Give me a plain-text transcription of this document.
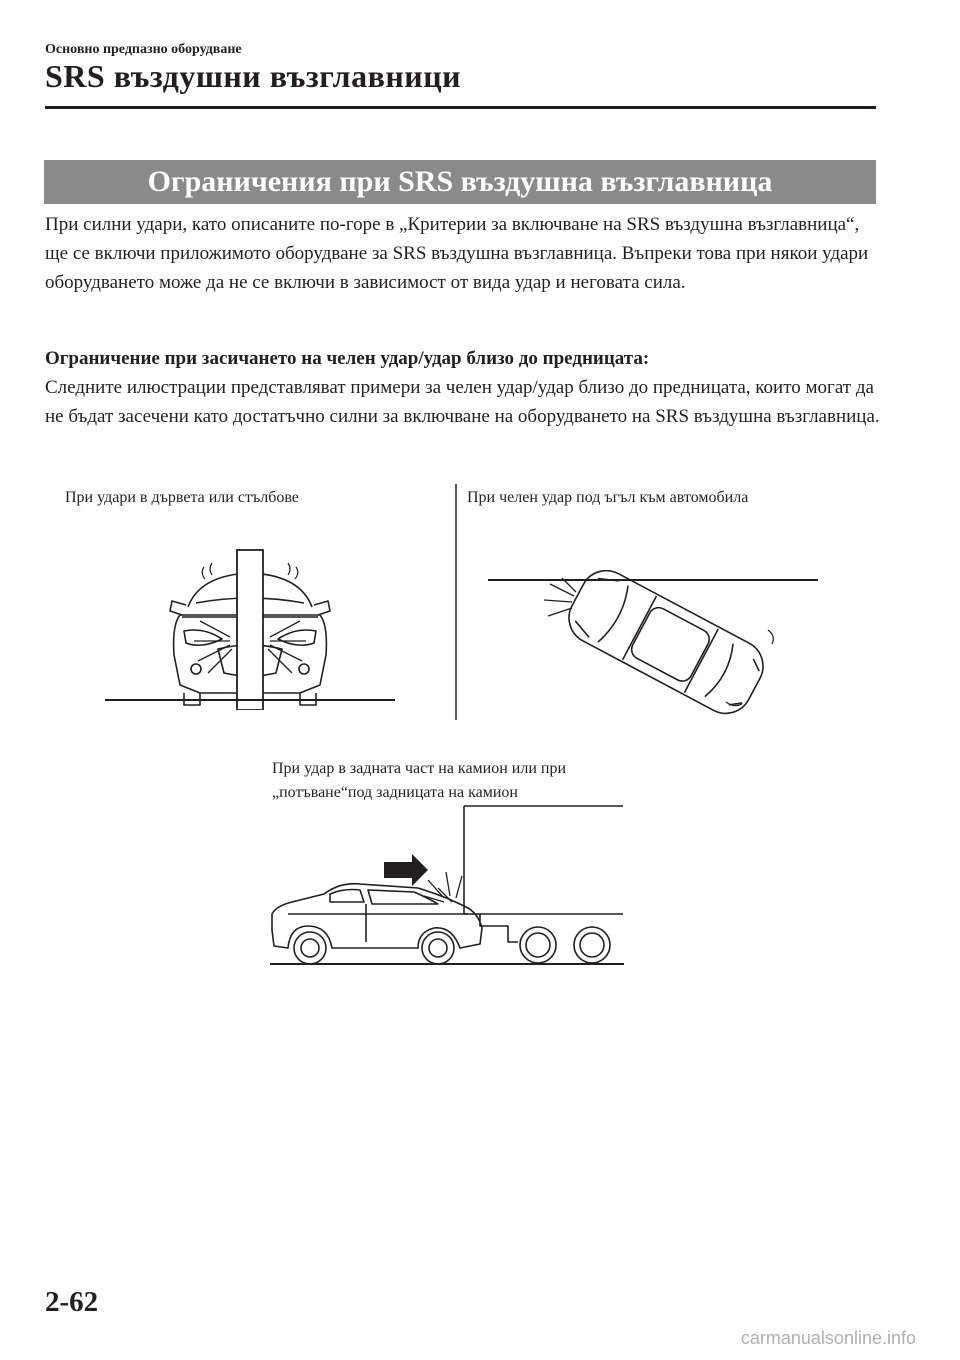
Основно предпазно оборудване
SRS въздушни възглавници
Ограничения при SRS въздушна възглавница

При силни удари, като описаните по-горе в „Критерии за включване на SRS въздушна възглавница“, ще се включи приложимото оборудване за SRS въздушна възглавница. Въпреки това при някои удари оборудването може да не се включи в зависимост от вида удар и неговата сила.

Ограничение при засичането на челен удар/удар близо до предницата:

Следните илюстрации представляват примери за челен удар/удар близо до предницата, които могат да не бъдат засечени като достатъчно силни за включване на оборудването на SRS въздушна възглавница.

При удари в дървета или стълбове	При челен удар под ъгъл към автомобила

При удар в задната част на камион или при
„потъване“под задницата на камион
2-62
carmanualsonline.info
